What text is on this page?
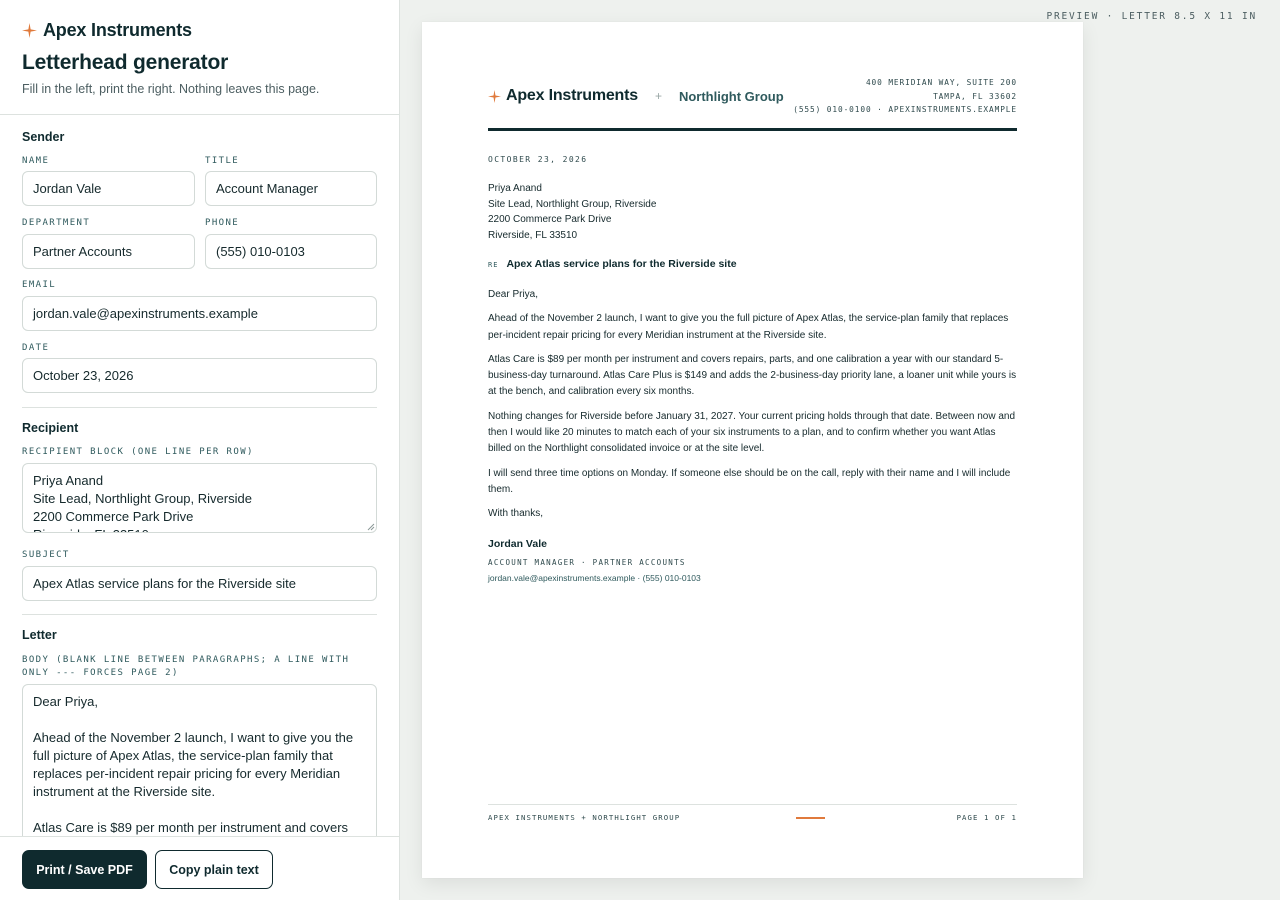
Apex Instruments
Letterhead generator
Fill in the left, print the right. Nothing leaves this page.
Sender
NAME
Jordan Vale
TITLE
Account Manager
DEPARTMENT
Partner Accounts
PHONE
(555) 010-0103
EMAIL
jordan.vale@apexinstruments.example
DATE
October 23, 2026
Recipient
RECIPIENT BLOCK (ONE LINE PER ROW)
Priya Anand Site Lead, Northlight Group, Riverside 2200 Commerce Park Drive Riverside, FL 33510
SUBJECT
Apex Atlas service plans for the Riverside site
Letter
BODY (BLANK LINE BETWEEN PARAGRAPHS; A LINE WITH ONLY --- FORCES PAGE 2)
Dear Priya, Ahead of the November 2 launch, I want to give you the full picture of Apex Atlas, the service-plan family that replaces per-incident repair pricing for every Meridian instrument at the Riverside site. Atlas Care is $89 per month per instrument and covers repairs, parts, and one calibration a year with our standard 5-business-day turnaround. Atlas Care Plus is $149 and adds the 2-business-day priority lane, a loaner unit while yours is at the bench, and calibration every six months.
Print / Save PDF	Copy plain text
PREVIEW · LETTER 8.5 X 11 IN
Apex Instruments + Northlight Group
400 MERIDIAN WAY, SUITE 200
TAMPA, FL 33602
(555) 010-0100 · APEXINSTRUMENTS.EXAMPLE
OCTOBER 23, 2026
Priya Anand
Site Lead, Northlight Group, Riverside
2200 Commerce Park Drive
Riverside, FL 33510
RE Apex Atlas service plans for the Riverside site

Dear Priya,

Ahead of the November 2 launch, I want to give you the full picture of Apex Atlas, the service-plan family that replaces per-incident repair pricing for every Meridian instrument at the Riverside site.

Atlas Care is $89 per month per instrument and covers repairs, parts, and one calibration a year with our standard 5-business-day turnaround. Atlas Care Plus is $149 and adds the 2-business-day priority lane, a loaner unit while yours is at the bench, and calibration every six months.

Nothing changes for Riverside before January 31, 2027. Your current pricing holds through that date. Between now and then I would like 20 minutes to match each of your six instruments to a plan, and to confirm whether you want Atlas billed on the Northlight consolidated invoice or at the site level.

I will send three time options on Monday. If someone else should be on the call, reply with their name and I will include them.

With thanks,

Jordan Vale
ACCOUNT MANAGER · PARTNER ACCOUNTS
jordan.vale@apexinstruments.example · (555) 010-0103
APEX INSTRUMENTS + NORTHLIGHT GROUP	PAGE 1 OF 1
